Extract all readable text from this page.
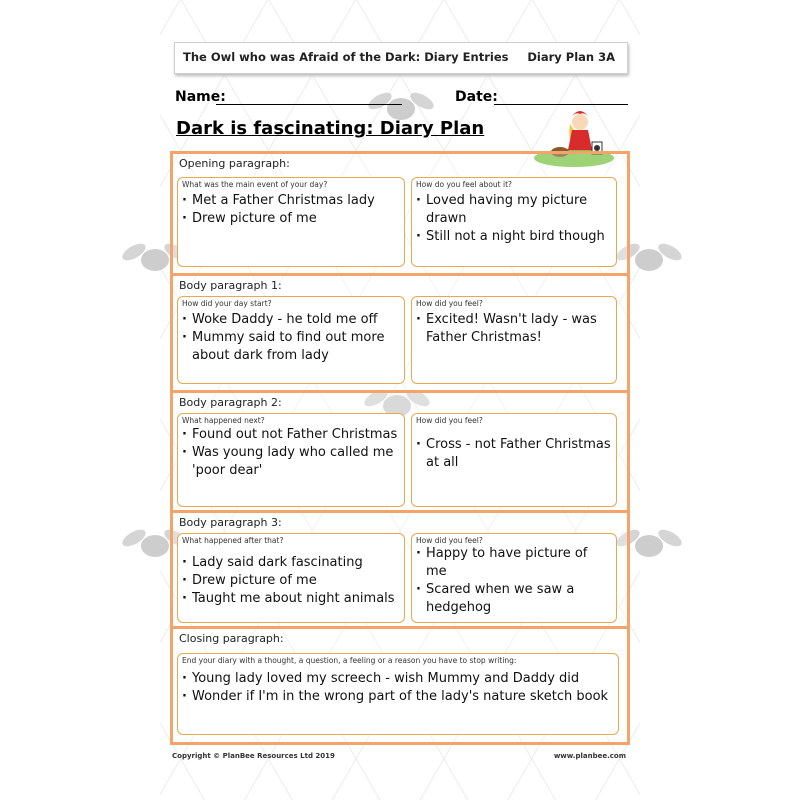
The Owl who was Afraid of the Dark: Diary Entries Diary Plan 3A
Name:	Date:
Dark is fascinating: Diary Plan
Opening paragraph:
What was the main event of your day?
· Met a Father Christmas lady
· Drew picture of me
How do you feel about it?
· Loved having my picture drawn
· Still not a night bird though
Body paragraph 1:
How did your day start?
· Woke Daddy - he told me off
· Mummy said to find out more about dark from lady
How did you feel?
· Excited! Wasn't lady - was Father Christmas!
Body paragraph 2:
What happened next?
· Found out not Father Christmas
· Was young lady who called me 'poor dear'
How did you feel?
· Cross - not Father Christmas at all
Body paragraph 3:
What happened after that?
· Lady said dark fascinating
· Drew picture of me
· Taught me about night animals
How did you feel?
· Happy to have picture of me
· Scared when we saw a hedgehog
Closing paragraph:
End your diary with a thought, a question, a feeling or a reason you have to stop writing:
· Young lady loved my screech - wish Mummy and Daddy did
· Wonder if I'm in the wrong part of the lady's nature sketch book
Copyright © PlanBee Resources Ltd 2019	www.planbee.com
